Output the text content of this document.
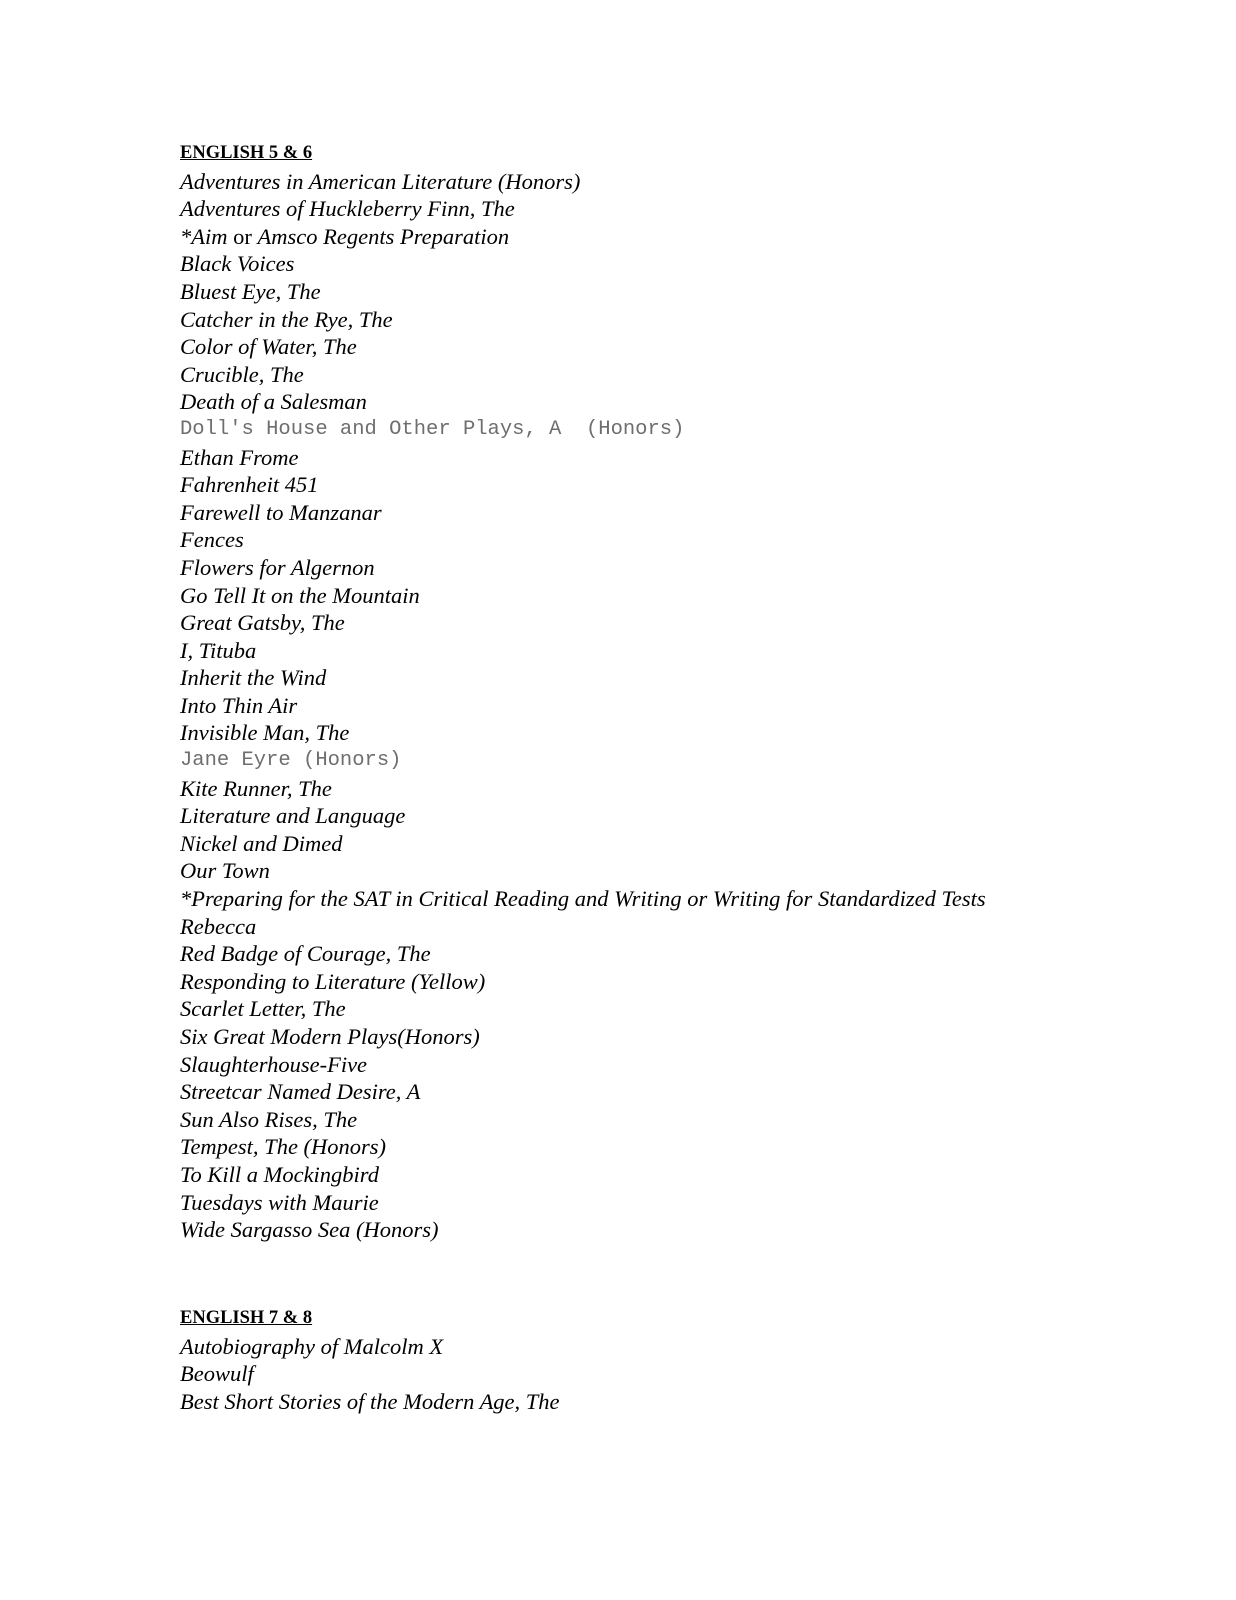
ENGLISH 5 & 6
Adventures in American Literature (Honors)
Adventures of Huckleberry Finn, The
*Aim or Amsco Regents Preparation
Black Voices
Bluest Eye, The
Catcher in the Rye, The
Color of Water, The
Crucible, The
Death of a Salesman
Doll's House and Other Plays, A  (Honors)
Ethan Frome
Fahrenheit 451
Farewell to Manzanar
Fences
Flowers for Algernon
Go Tell It on the Mountain
Great Gatsby, The
I, Tituba
Inherit the Wind
Into Thin Air
Invisible Man, The
Jane Eyre (Honors)
Kite Runner, The
Literature and Language
Nickel and Dimed
Our Town
*Preparing for the SAT in Critical Reading and Writing or Writing for Standardized Tests
Rebecca
Red Badge of Courage, The
Responding to Literature (Yellow)
Scarlet Letter, The
Six Great Modern Plays(Honors)
Slaughterhouse-Five
Streetcar Named Desire, A
Sun Also Rises, The
Tempest, The (Honors)
To Kill a Mockingbird
Tuesdays with Maurie
Wide Sargasso Sea (Honors)
ENGLISH 7 & 8
Autobiography of Malcolm X
Beowulf
Best Short Stories of the Modern Age, The
